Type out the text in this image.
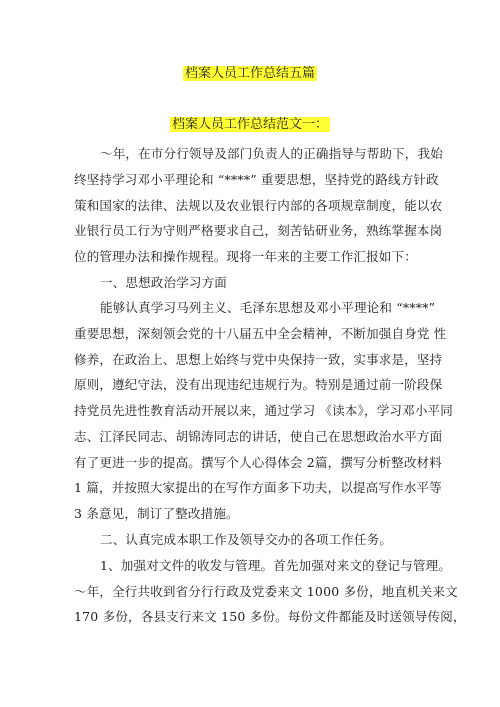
档案人员工作总结五篇
档案人员工作总结范文一：
～年，在市分行领导及部门负责人的正确指导与帮助下，我始
终坚持学习邓小平理论和 “****” 重要思想，坚持党的路线方针政
策和国家的法律、法规以及农业银行内部的各项规章制度，能以农
业银行员工行为守则严格要求自己，刻苦钻研业务，熟练掌握本岗
位的管理办法和操作规程。现将一年来的主要工作汇报如下：
一、思想政治学习方面
能够认真学习马列主义、毛泽东思想及邓小平理论和 “****”
重要思想，深刻领会党的十八届五中全会精神，不断加强自身党 性
修养，在政治上、思想上始终与党中央保持一致，实事求是，坚持
原则，遵纪守法，没有出现违纪违规行为。特别是通过前一阶段保
持党员先进性教育活动开展以来，通过学习 《读本》，学习邓小平同
志、江泽民同志、胡锦涛同志的讲话，使自己在思想政治水平方面
有了更进一步的提高。撰写个人心得体会 2篇，撰写分析整改材料
1 篇，并按照大家提出的在写作方面多下功夫，以提高写作水平等
3 条意见，制订了整改措施。
二、认真完成本职工作及领导交办的各项工作任务。
1、加强对文件的收发与管理。首先加强对来文的登记与管理。
～年，全行共收到省分行行政及党委来文 1000 多份，地直机关来文
170 多份，各县支行来文 150 多份。每份文件都能及时送领导传阅，
